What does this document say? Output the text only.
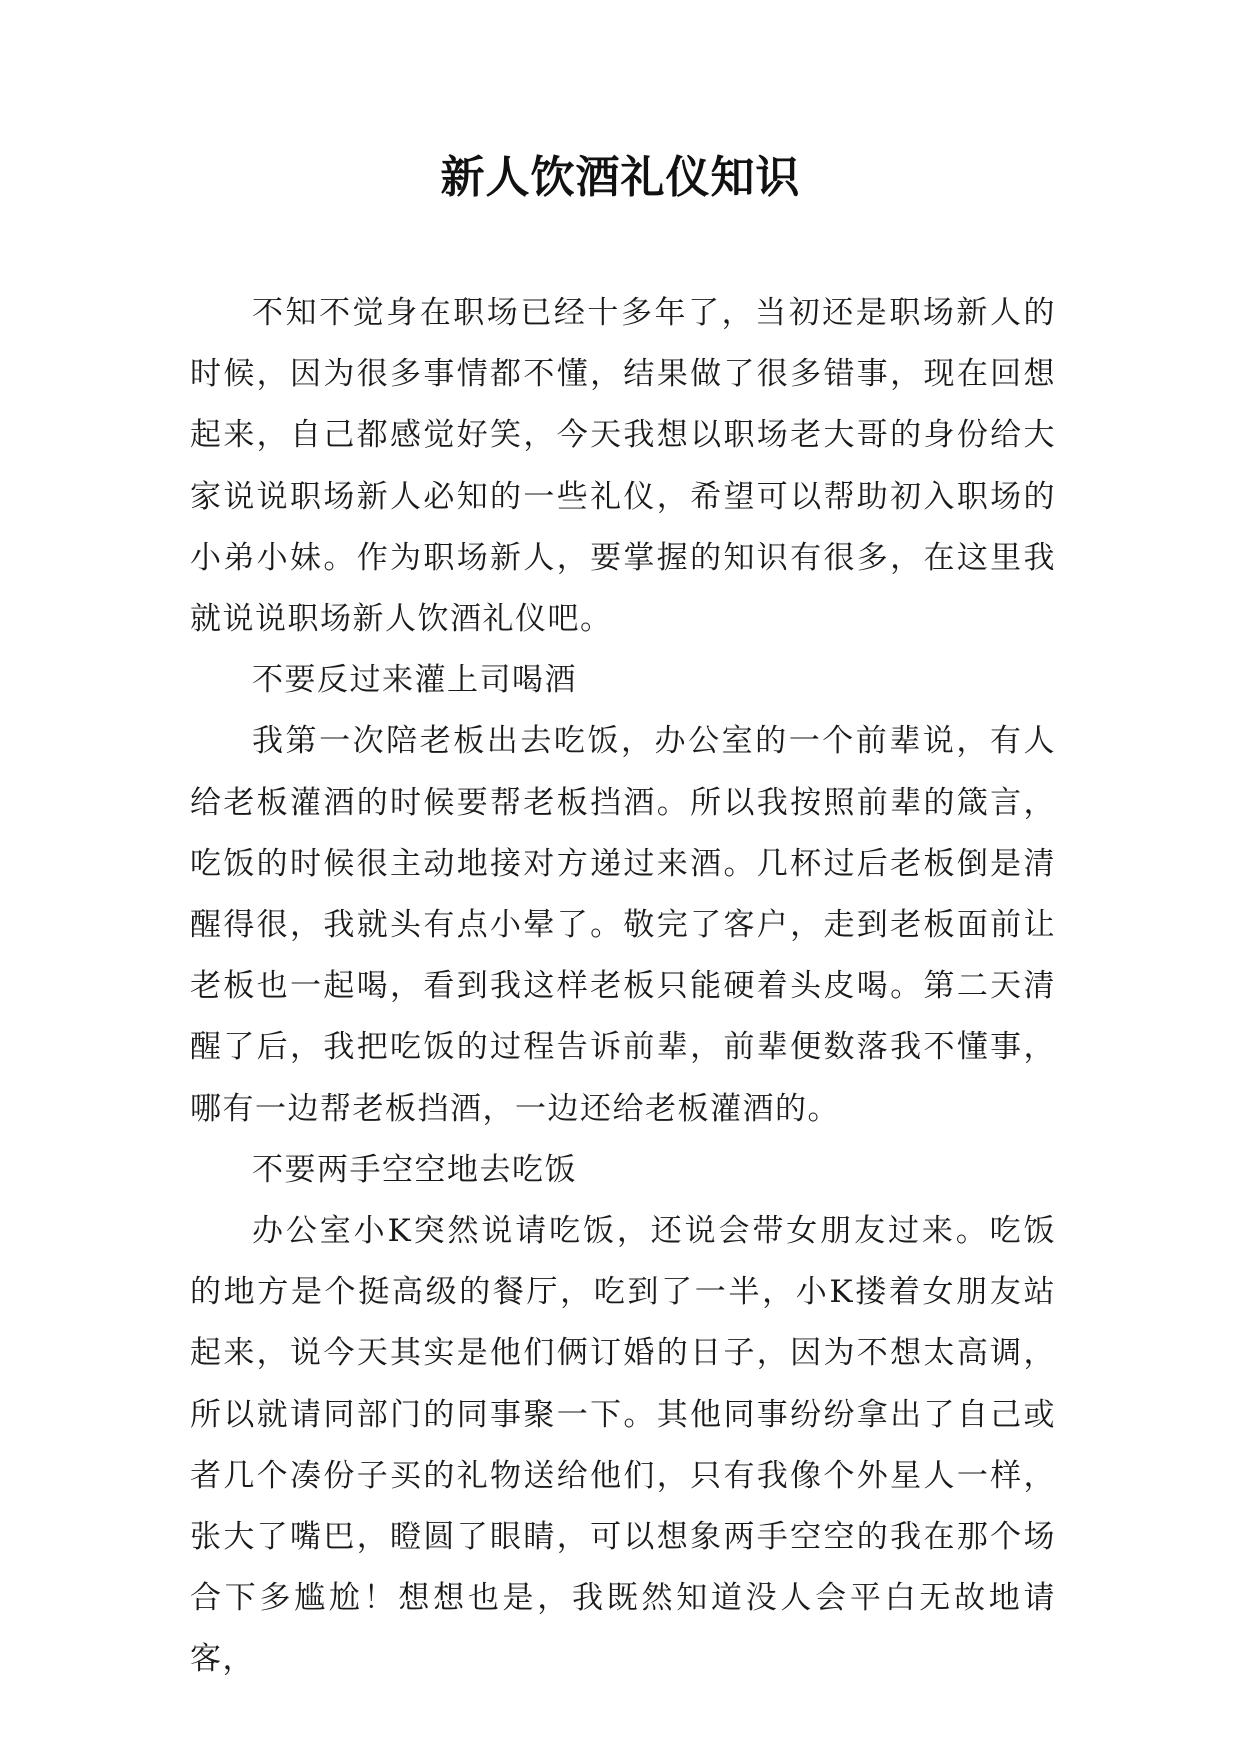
新人饮酒礼仪知识

不知不觉身在职场已经十多年了，当初还是职场新人的时候，因为很多事情都不懂，结果做了很多错事，现在回想起来，自己都感觉好笑，今天我想以职场老大哥的身份给大家说说职场新人必知的一些礼仪，希望可以帮助初入职场的小弟小妹。作为职场新人，要掌握的知识有很多，在这里我就说说职场新人饮酒礼仪吧。

不要反过来灌上司喝酒

我第一次陪老板出去吃饭，办公室的一个前辈说，有人给老板灌酒的时候要帮老板挡酒。所以我按照前辈的箴言，吃饭的时候很主动地接对方递过来酒。几杯过后老板倒是清醒得很，我就头有点小晕了。敬完了客户，走到老板面前让老板也一起喝，看到我这样老板只能硬着头皮喝。第二天清醒了后，我把吃饭的过程告诉前辈，前辈便数落我不懂事，哪有一边帮老板挡酒，一边还给老板灌酒的。

不要两手空空地去吃饭

办公室小K突然说请吃饭，还说会带女朋友过来。吃饭的地方是个挺高级的餐厅，吃到了一半，小K搂着女朋友站起来，说今天其实是他们俩订婚的日子，因为不想太高调，所以就请同部门的同事聚一下。其他同事纷纷拿出了自己或者几个凑份子买的礼物送给他们，只有我像个外星人一样，张大了嘴巴，瞪圆了眼睛，可以想象两手空空的我在那个场合下多尴尬！想想也是，我既然知道没人会平白无故地请客，
